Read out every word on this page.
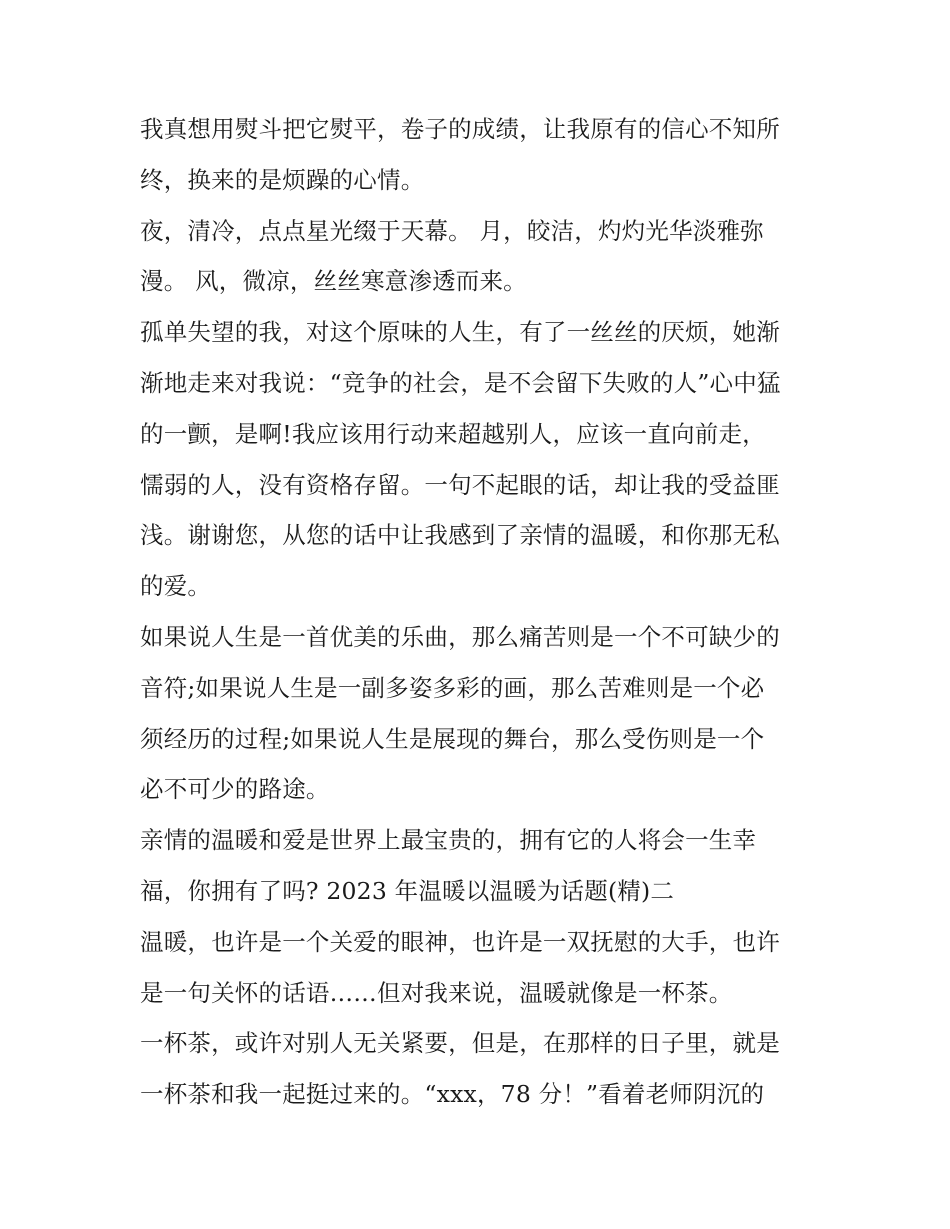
我真想用熨斗把它熨平，卷子的成绩，让我原有的信心不知所
终，换来的是烦躁的心情。

夜，清冷，点点星光缀于天幕。 月，皎洁，灼灼光华淡雅弥
漫。 风，微凉，丝丝寒意渗透而来。

孤单失望的我，对这个原味的人生，有了一丝丝的厌烦，她渐
渐地走来对我说：“竞争的社会，是不会留下失败的人”心中猛
的一颤，是啊!我应该用行动来超越别人，应该一直向前走，
懦弱的人，没有资格存留。一句不起眼的话，却让我的受益匪
浅。谢谢您，从您的话中让我感到了亲情的温暖，和你那无私
的爱。

如果说人生是一首优美的乐曲，那么痛苦则是一个不可缺少的
音符;如果说人生是一副多姿多彩的画，那么苦难则是一个必
须经历的过程;如果说人生是展现的舞台，那么受伤则是一个
必不可少的路途。

亲情的温暖和爱是世界上最宝贵的，拥有它的人将会一生幸
福，你拥有了吗? 2023 年温暖以温暖为话题(精)二

温暖，也许是一个关爱的眼神，也许是一双抚慰的大手，也许
是一句关怀的话语……但对我来说，温暖就像是一杯茶。

一杯茶，或许对别人无关紧要，但是，在那样的日子里，就是
一杯茶和我一起挺过来的。“xxx，78 分！”看着老师阴沉的
